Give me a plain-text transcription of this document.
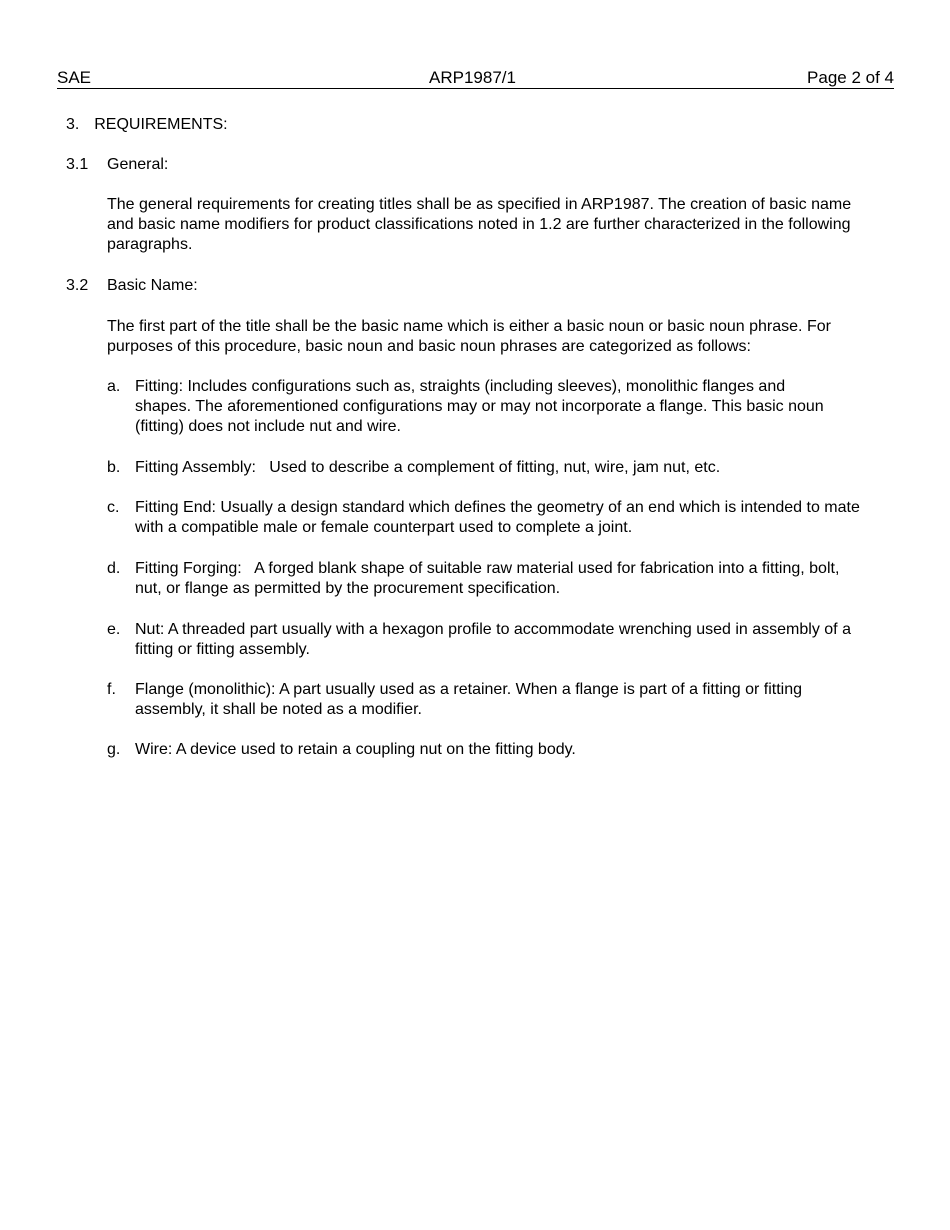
SAE	ARP1987/1	Page 2 of 4
3. REQUIREMENTS:
3.1 General:
The general requirements for creating titles shall be as specified in ARP1987. The creation of basic name and basic name modifiers for product classifications noted in 1.2 are further characterized in the following paragraphs.
3.2 Basic Name:
The first part of the title shall be the basic name which is either a basic noun or basic noun phrase. For purposes of this procedure, basic noun and basic noun phrases are categorized as follows:
a. Fitting: Includes configurations such as, straights (including sleeves), monolithic flanges and shapes. The aforementioned configurations may or may not incorporate a flange. This basic noun (fitting) does not include nut and wire.
b. Fitting Assembly:   Used to describe a complement of fitting, nut, wire, jam nut, etc.
c. Fitting End: Usually a design standard which defines the geometry of an end which is intended to mate with a compatible male or female counterpart used to complete a joint.
d. Fitting Forging:   A forged blank shape of suitable raw material used for fabrication into a fitting, bolt, nut, or flange as permitted by the procurement specification.
e. Nut: A threaded part usually with a hexagon profile to accommodate wrenching used in assembly of a fitting or fitting assembly.
f. Flange (monolithic): A part usually used as a retainer. When a flange is part of a fitting or fitting assembly, it shall be noted as a modifier.
g. Wire: A device used to retain a coupling nut on the fitting body.
